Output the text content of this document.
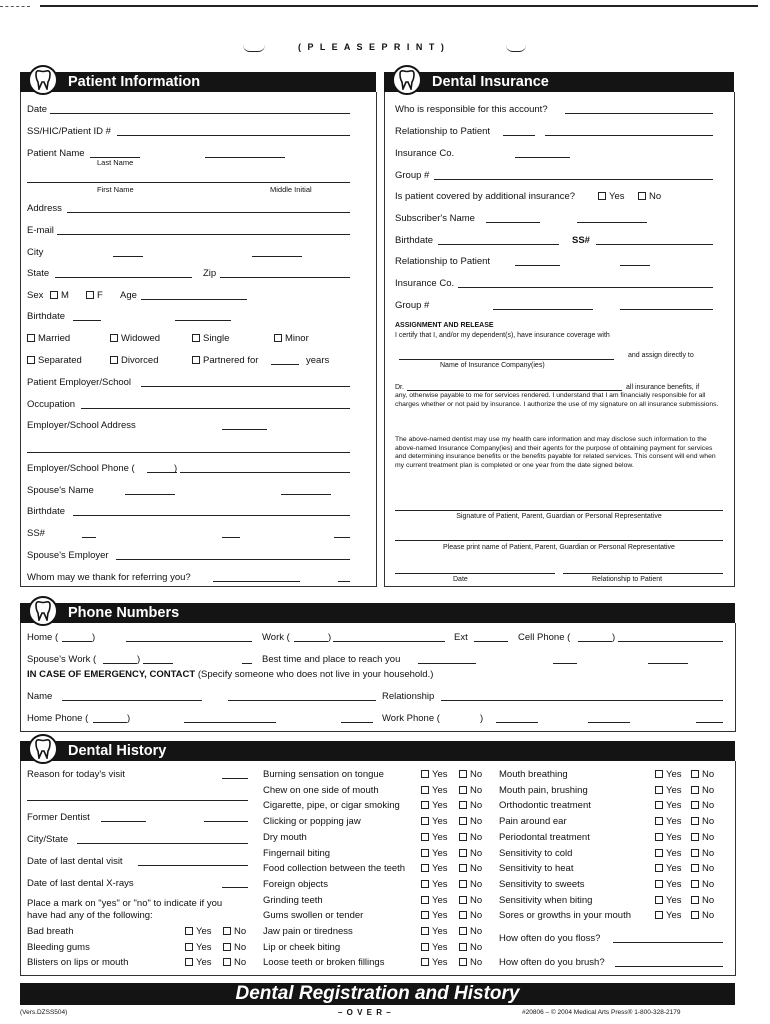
( P L E A S E P R I N T )
Patient Information
Date
SS/HIC/Patient ID #
Patient Name
Last Name
First Name	Middle Initial
Address
E-mail
City
State	Zip
Sex	M	F Age
Birthdate
Married	Widowed	Single	Minor
Separated	Divorced	Partnered for	years
Patient Employer/School
Occupation
Employer/School Address
Employer/School Phone (	)
Spouse's Name
Birthdate
SS#
Spouse's Employer
Whom may we thank for referring you?
Dental Insurance
Who is responsible for this account?
Relationship to Patient
Insurance Co.
Group #
Is patient covered by additional insurance?	Yes	No
Subscriber's Name
Birthdate	SS#
Relationship to Patient
Insurance Co.
Group #
ASSIGNMENT AND RELEASE
I certify that I, and/or my dependent(s), have insurance coverage with
Name of Insurance Company(ies)
and assign directly to
Dr.	all insurance benefits, if
any, otherwise payable to me for services rendered. I understand that I am financially responsible for all charges whether or not paid by insurance. I authorize the use of my signature on all insurance submissions.
The above-named dentist may use my health care information and may disclose such information to the above-named Insurance Company(ies) and their agents for the purpose of obtaining payment for services and determining insurance benefits or the benefits payable for related services. This consent will end when my current treatment plan is completed or one year from the date signed below.
Signature of Patient, Parent, Guardian or Personal Representative
Please print name of Patient, Parent, Guardian or Personal Representative
Date	Relationship to Patient
Phone Numbers
Home (	)	Work (	)	Ext	Cell Phone (	)
Spouse's Work (	)	Best time and place to reach you
IN CASE OF EMERGENCY, CONTACT (Specify someone who does not live in your household.)
Name	Relationship
Home Phone (	)	Work Phone (	)
Dental History
Reason for today's visit
Former Dentist
City/State
Date of last dental visit
Date of last dental X-rays
Place a mark on "yes" or "no" to indicate if you
have had any of the following:
Bad breath	Yes	No
Bleeding gums	Yes	No
Blisters on lips or mouth	Yes	No
Burning sensation on tongue	Yes	No
Chew on one side of mouth	Yes	No
Cigarette, pipe, or cigar smoking	Yes	No
Clicking or popping jaw	Yes	No
Dry mouth	Yes	No
Fingernail biting	Yes	No
Food collection between the teeth	Yes	No
Foreign objects	Yes	No
Grinding teeth	Yes	No
Gums swollen or tender	Yes	No
Jaw pain or tiredness	Yes	No
Lip or cheek biting	Yes	No
Loose teeth or broken fillings	Yes	No
Mouth breathing	Yes	No
Mouth pain, brushing	Yes	No
Orthodontic treatment	Yes	No
Pain around ear	Yes	No
Periodontal treatment	Yes	No
Sensitivity to cold	Yes	No
Sensitivity to heat	Yes	No
Sensitivity to sweets	Yes	No
Sensitivity when biting	Yes	No
Sores or growths in your mouth	Yes	No
How often do you floss?
How often do you brush?
Dental Registration and History
(Vers.DZSS504)	– O V E R –	#20806 – © 2004 Medical Arts Press® 1-800-328-2179
